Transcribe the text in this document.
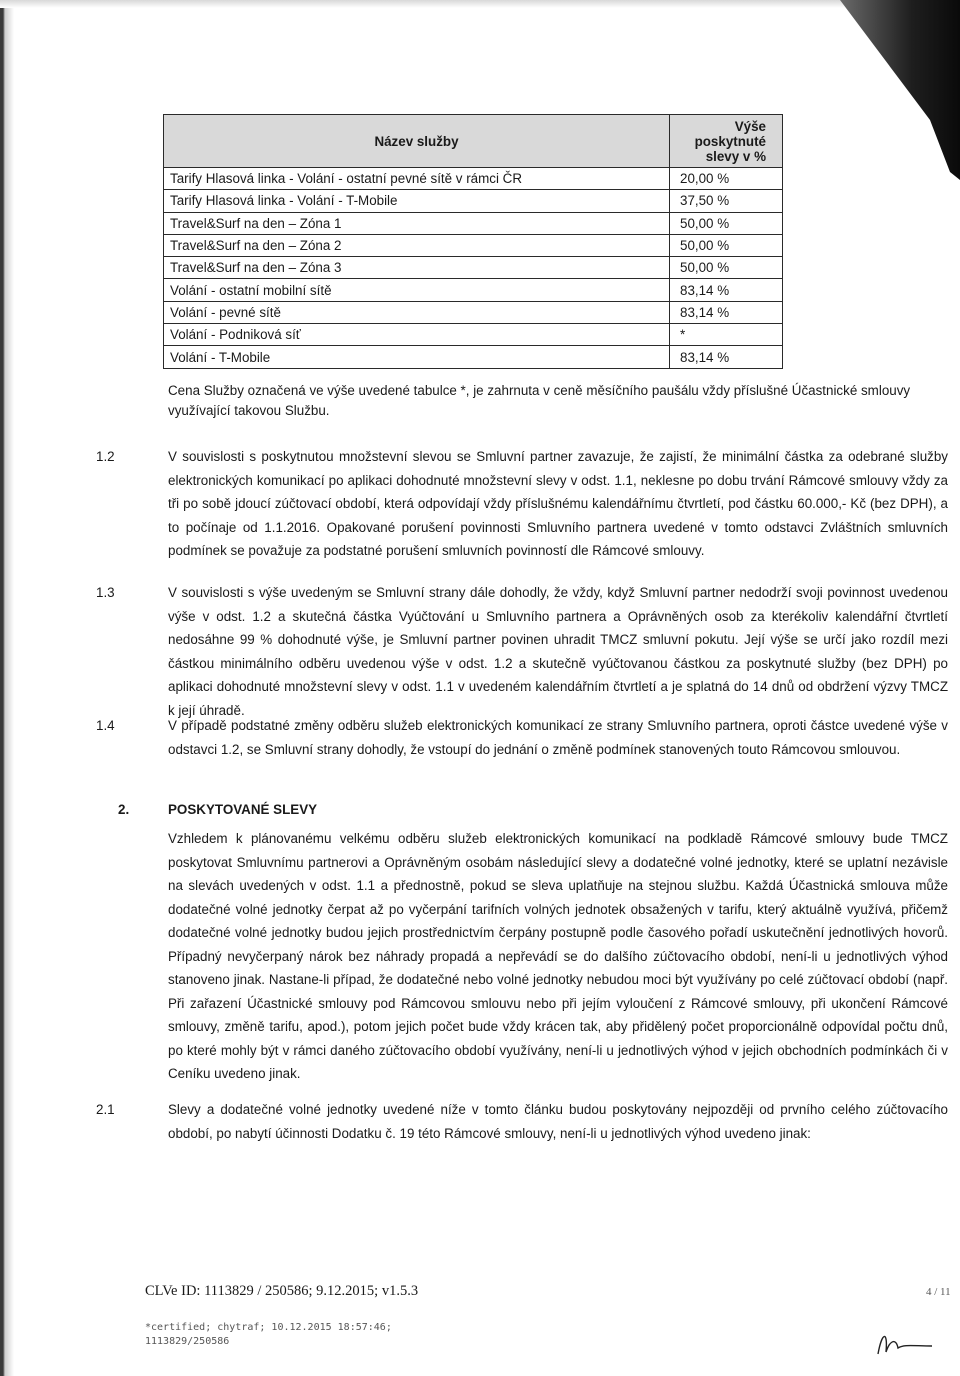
Název služby	Výše poskytnuté slevy v %
Tarify Hlasová linka - Volání - ostatní pevné sítě v rámci ČR	20,00 %
Tarify Hlasová linka - Volání - T-Mobile	37,50 %
Travel&Surf na den – Zóna 1	50,00 %
Travel&Surf na den – Zóna 2	50,00 %
Travel&Surf na den – Zóna 3	50,00 %
Volání - ostatní mobilní sítě	83,14 %
Volání - pevné sítě	83,14 %
Volání - Podniková síť	*
Volání - T-Mobile	83,14 %
Cena Služby označená ve výše uvedené tabulce *, je zahrnuta v ceně měsíčního paušálu vždy příslušné Účastnické smlouvy využívající takovou Službu.
1.2	V souvislosti s poskytnutou množstevní slevou se Smluvní partner zavazuje, že zajistí, že minimální částka za odebrané služby elektronických komunikací po aplikaci dohodnuté množstevní slevy v odst. 1.1, neklesne po dobu trvání Rámcové smlouvy vždy za tři po sobě jdoucí zúčtovací období, která odpovídají vždy příslušnému kalendářnímu čtvrtletí, pod částku 60.000,- Kč (bez DPH), a to počínaje od 1.1.2016. Opakované porušení povinnosti Smluvního partnera uvedené v tomto odstavci Zvláštních smluvních podmínek se považuje za podstatné porušení smluvních povinností dle Rámcové smlouvy.
1.3	V souvislosti s výše uvedeným se Smluvní strany dále dohodly, že vždy, když Smluvní partner nedodrží svoji povinnost uvedenou výše v odst. 1.2 a skutečná částka Vyúčtování u Smluvního partnera a Oprávněných osob za kterékoliv kalendářní čtvrtletí nedosáhne 99 % dohodnuté výše, je Smluvní partner povinen uhradit TMCZ smluvní pokutu. Její výše se určí jako rozdíl mezi částkou minimálního odběru uvedenou výše v odst. 1.2 a skutečně vyúčtovanou částkou za poskytnuté služby (bez DPH) po aplikaci dohodnuté množstevní slevy v odst. 1.1 v uvedeném kalendářním čtvrtletí a je splatná do 14 dnů od obdržení výzvy TMCZ k její úhradě.
1.4	V případě podstatné změny odběru služeb elektronických komunikací ze strany Smluvního partnera, oproti částce uvedené výše v odstavci 1.2, se Smluvní strany dohodly, že vstoupí do jednání o změně podmínek stanovených touto Rámcovou smlouvou.
2.	POSKYTOVANÉ SLEVY
Vzhledem k plánovanému velkému odběru služeb elektronických komunikací na podkladě Rámcové smlouvy bude TMCZ poskytovat Smluvnímu partnerovi a Oprávněným osobám následující slevy a dodatečné volné jednotky, které se uplatní nezávisle na slevách uvedených v odst. 1.1 a přednostně, pokud se sleva uplatňuje na stejnou službu. Každá Účastnická smlouva může dodatečné volné jednotky čerpat až po vyčerpání tarifních volných jednotek obsažených v tarifu, který aktuálně využívá, přičemž dodatečné volné jednotky budou jejich prostřednictvím čerpány postupně podle časového pořadí uskutečnění jednotlivých hovorů. Případný nevyčerpaný nárok bez náhrady propadá a nepřevádí se do dalšího zúčtovacího období, není-li u jednotlivých výhod stanoveno jinak. Nastane-li případ, že dodatečné nebo volné jednotky nebudou moci být využívány po celé zúčtovací období (např. Při zařazení Účastnické smlouvy pod Rámcovou smlouvu nebo při jejím vyloučení z Rámcové smlouvy, při ukončení Rámcové smlouvy, změně tarifu, apod.), potom jejich počet bude vždy krácen tak, aby přidělený počet proporcionálně odpovídal počtu dnů, po které mohly být v rámci daného zúčtovacího období využívány, není-li u jednotlivých výhod v jejich obchodních podmínkách či v Ceníku uvedeno jinak.
2.1	Slevy a dodatečné volné jednotky uvedené níže v tomto článku budou poskytovány nejpozději od prvního celého zúčtovacího období, po nabytí účinnosti Dodatku č. 19 této Rámcové smlouvy, není-li u jednotlivých výhod uvedeno jinak:
CLVe ID: 1113829 / 250586; 9.12.2015; v1.5.3	4 / 11
*certified; chytraf; 10.12.2015 18:57:46;
1113829/250586
